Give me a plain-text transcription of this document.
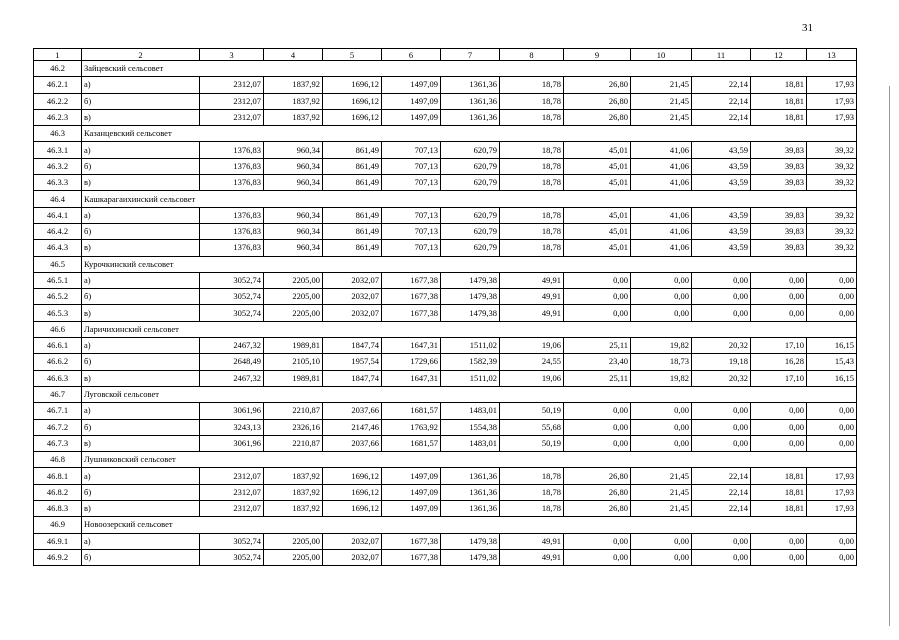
31
1	2	3	4	5	6	7	8	9	10	11	12	13
46.2	Зайцевский сельсовет											
46.2.1	а)	2312,07	1837,92	1696,12	1497,09	1361,36	18,78	26,80	21,45	22,14	18,81	17,93
46.2.2	б)	2312,07	1837,92	1696,12	1497,09	1361,36	18,78	26,80	21,45	22,14	18,81	17,93
46.2.3	в)	2312,07	1837,92	1696,12	1497,09	1361,36	18,78	26,80	21,45	22,14	18,81	17,93
46.3	Казанцевский сельсовет											
46.3.1	а)	1376,83	960,34	861,49	707,13	620,79	18,78	45,01	41,06	43,59	39,83	39,32
46.3.2	б)	1376,83	960,34	861,49	707,13	620,79	18,78	45,01	41,06	43,59	39,83	39,32
46.3.3	в)	1376,83	960,34	861,49	707,13	620,79	18,78	45,01	41,06	43,59	39,83	39,32
46.4	Кашкарагаихинский сельсовет											
46.4.1	а)	1376,83	960,34	861,49	707,13	620,79	18,78	45,01	41,06	43,59	39,83	39,32
46.4.2	б)	1376,83	960,34	861,49	707,13	620,79	18,78	45,01	41,06	43,59	39,83	39,32
46.4.3	в)	1376,83	960,34	861,49	707,13	620,79	18,78	45,01	41,06	43,59	39,83	39,32
46.5	Курочкинский сельсовет											
46.5.1	а)	3052,74	2205,00	2032,07	1677,38	1479,38	49,91	0,00	0,00	0,00	0,00	0,00
46.5.2	б)	3052,74	2205,00	2032,07	1677,38	1479,38	49,91	0,00	0,00	0,00	0,00	0,00
46.5.3	в)	3052,74	2205,00	2032,07	1677,38	1479,38	49,91	0,00	0,00	0,00	0,00	0,00
46.6	Ларичихинский сельсовет											
46.6.1	а)	2467,32	1989,81	1847,74	1647,31	1511,02	19,06	25,11	19,82	20,32	17,10	16,15
46.6.2	б)	2648,49	2105,10	1957,54	1729,66	1582,39	24,55	23,40	18,73	19,18	16,28	15,43
46.6.3	в)	2467,32	1989,81	1847,74	1647,31	1511,02	19,06	25,11	19,82	20,32	17,10	16,15
46.7	Луговской сельсовет											
46.7.1	а)	3061,96	2210,87	2037,66	1681,57	1483,01	50,19	0,00	0,00	0,00	0,00	0,00
46.7.2	б)	3243,13	2326,16	2147,46	1763,92	1554,38	55,68	0,00	0,00	0,00	0,00	0,00
46.7.3	в)	3061,96	2210,87	2037,66	1681,57	1483,01	50,19	0,00	0,00	0,00	0,00	0,00
46.8	Лушниковский сельсовет											
46.8.1	а)	2312,07	1837,92	1696,12	1497,09	1361,36	18,78	26,80	21,45	22,14	18,81	17,93
46.8.2	б)	2312,07	1837,92	1696,12	1497,09	1361,36	18,78	26,80	21,45	22,14	18,81	17,93
46.8.3	в)	2312,07	1837,92	1696,12	1497,09	1361,36	18,78	26,80	21,45	22,14	18,81	17,93
46.9	Новоозерский сельсовет											
46.9.1	а)	3052,74	2205,00	2032,07	1677,38	1479,38	49,91	0,00	0,00	0,00	0,00	0,00
46.9.2	б)	3052,74	2205,00	2032,07	1677,38	1479,38	49,91	0,00	0,00	0,00	0,00	0,00
